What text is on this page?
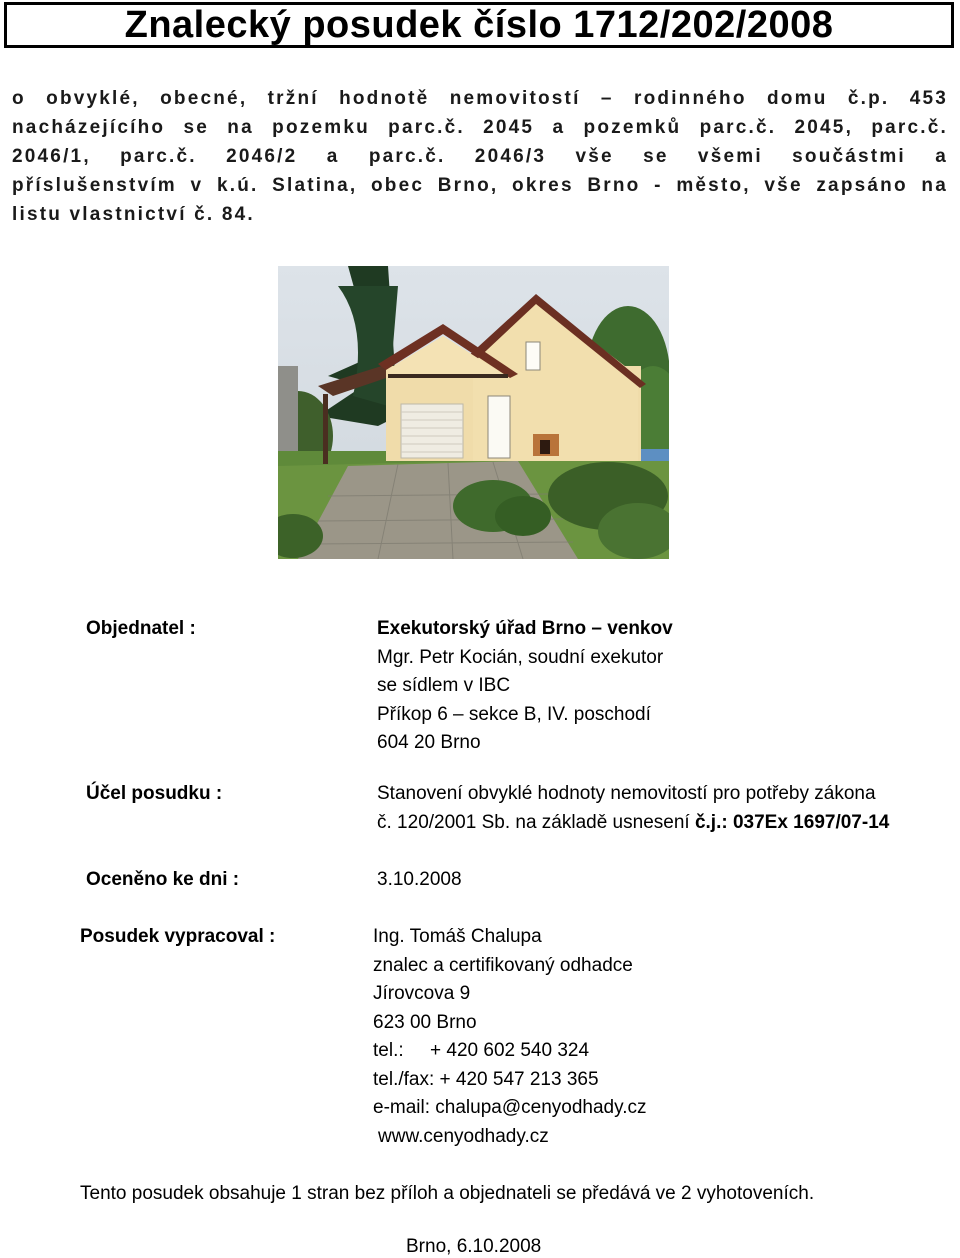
Znalecký posudek číslo 1712/202/2008
o obvyklé, obecné, tržní hodnotě nemovitostí – rodinného domu č.p. 453
nacházejícího se na pozemku parc.č. 2045 a pozemků parc.č. 2045, parc.č.
2046/1, parc.č. 2046/2 a parc.č. 2046/3 vše se všemi součástmi a
příslušenstvím v k.ú. Slatina, obec Brno, okres Brno - město, vše zapsáno na
listu vlastnictví č. 84.
Objednatel :	Exekutorský úřad Brno – venkov
Mgr. Petr Kocián, soudní exekutor
se sídlem v IBC
Příkop 6 – sekce B, IV. poschodí
604 20 Brno
Účel posudku :	Stanovení obvyklé hodnoty nemovitostí pro potřeby zákona
č. 120/2001 Sb. na základě usnesení č.j.: 037Ex 1697/07-14
Oceněno ke dni :	3.10.2008
Posudek vypracoval :	Ing. Tomáš Chalupa
znalec a certifikovaný odhadce
Jírovcova 9
623 00 Brno
tel.:     + 420 602 540 324
tel./fax: + 420 547 213 365
e-mail: chalupa@cenyodhady.cz
www.cenyodhady.cz
Tento posudek obsahuje 1 stran bez příloh a objednateli se předává ve 2 vyhotoveních.
Brno, 6.10.2008
